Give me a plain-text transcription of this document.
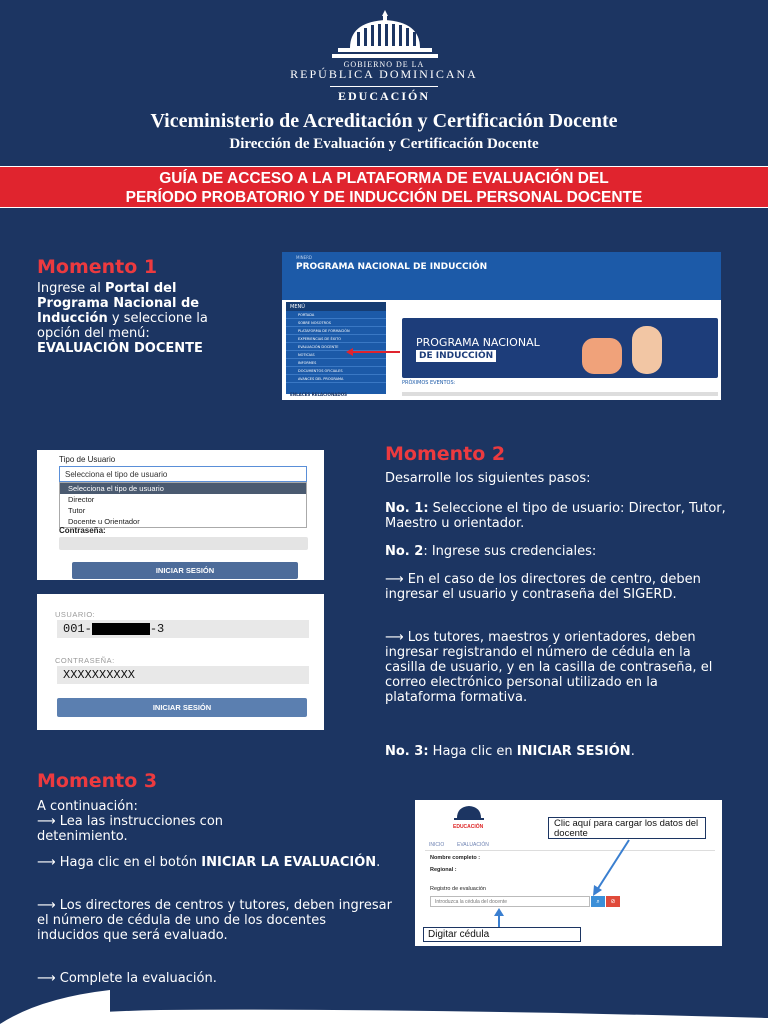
GOBIERNO DE LA
REPÚBLICA DOMINICANA
EDUCACIÓN
Viceministerio de Acreditación y Certificación Docente
Dirección de Evaluación y Certificación Docente
GUÍA DE ACCESO A LA PLATAFORMA DE EVALUACIÓN DEL
PERÍODO PROBATORIO Y DE INDUCCIÓN DEL PERSONAL DOCENTE
Momento 1
Ingrese al Portal del Programa Nacional de Inducción y seleccione la opción del menú: EVALUACIÓN DOCENTE
MINERD
PROGRAMA NACIONAL DE INDUCCIÓN
MENÚ
PORTADA
SOBRE NOSOTROS
PLATAFORMA DE FORMACIÓN
EXPERIENCIAS DE ÉXITO
EVALUACIÓN DOCENTE
NOTICIAS
INFORMES
DOCUMENTOS OFICIALES
AVANCES DEL PROGRAMA
ENLACES RELACIONADOS
PROGRAMA NACIONAL
DE INDUCCIÓN
PRÓXIMOS EVENTOS:
Tipo de Usuario
Selecciona el tipo de usuario
Selecciona el tipo de usuario
Director
Tutor
Docente u Orientador
Contraseña:
INICIAR SESIÓN
USUARIO:
001-	-3
CONTRASEÑA:
XXXXXXXXXX
INICIAR SESIÓN
Momento 2
Desarrolle los siguientes pasos:
No. 1: Seleccione el tipo de usuario: Director, Tutor, Maestro u orientador.
No. 2: Ingrese sus credenciales:
⟶ En el caso de los directores de centro, deben ingresar el usuario y contraseña del SIGERD.
⟶ Los tutores, maestros y orientadores, deben ingresar registrando el número de cédula en la casilla de usuario, y en la casilla de contraseña, el correo electrónico personal utilizado en la plataforma formativa.
No. 3: Haga clic en INICIAR SESIÓN.
Momento 3
A continuación:
⟶ Lea las instrucciones con detenimiento.
⟶ Haga clic en el botón INICIAR LA EVALUACIÓN.
⟶ Los directores de centros y tutores, deben ingresar el número de cédula de uno de los docentes inducidos que será evaluado.
⟶ Complete la evaluación.
EDUCACIÓN
INICIO	EVALUACIÓN
Nombre completo :
Regional :
Registro de evaluación
Introduzca la cédula del docente	⌕	⊘
Clic aquí para cargar los datos del docente
Digitar cédula
